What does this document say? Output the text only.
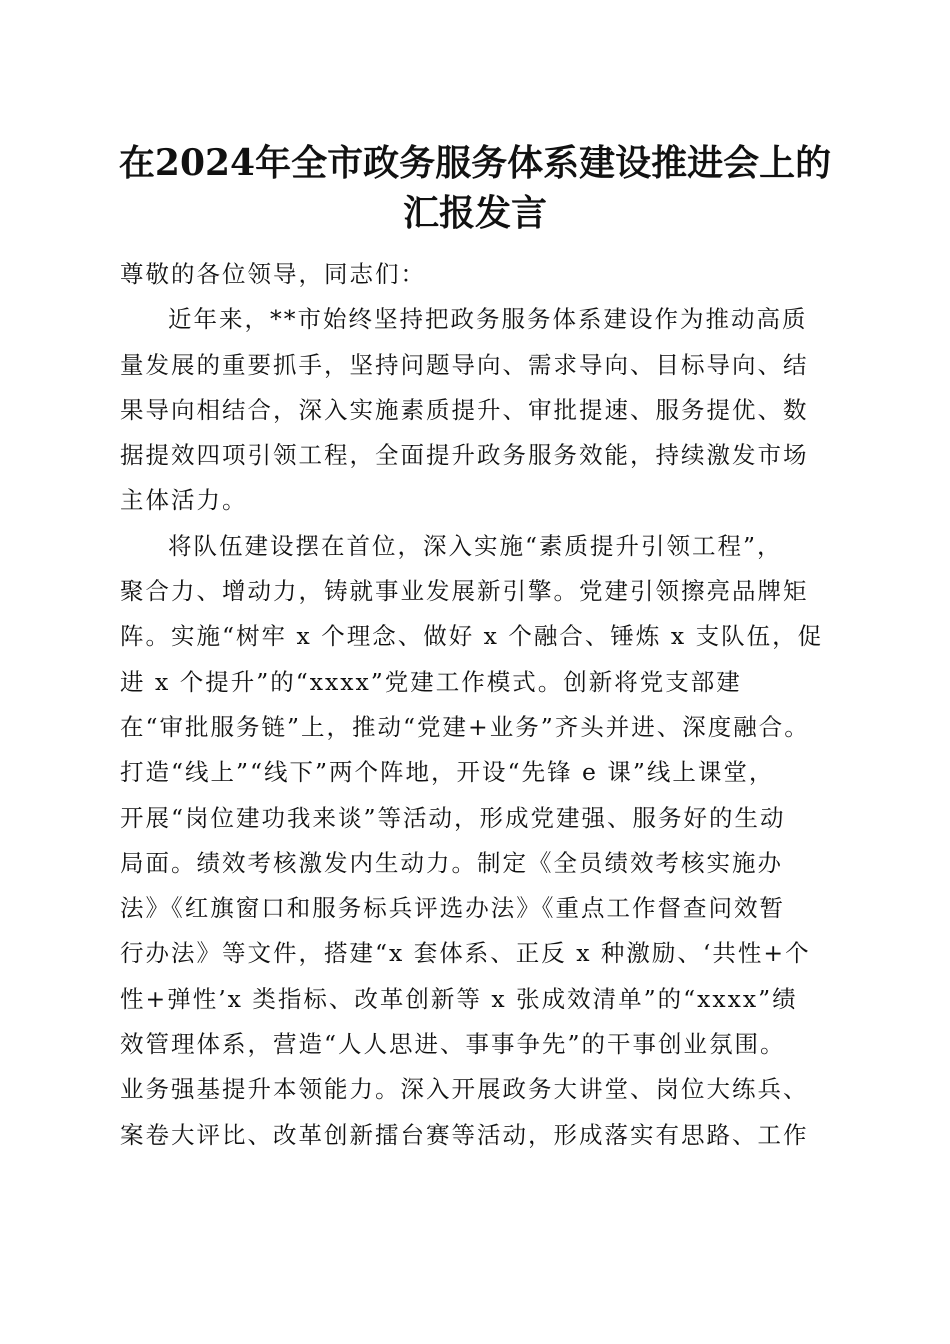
在2024年全市政务服务体系建设推进会上的
汇报发言
尊敬的各位领导，同志们：
近年来，**市始终坚持把政务服务体系建设作为推动高质
量发展的重要抓手，坚持问题导向、需求导向、目标导向、结
果导向相结合，深入实施素质提升、审批提速、服务提优、数
据提效四项引领工程，全面提升政务服务效能，持续激发市场
主体活力。
将队伍建设摆在首位，深入实施“素质提升引领工程”，
聚合力、增动力，铸就事业发展新引擎。党建引领擦亮品牌矩
阵。实施“树牢 x 个理念、做好 x 个融合、锤炼 x 支队伍，促
进 x 个提升”的“xxxx”党建工作模式。创新将党支部建
在“审批服务链”上，推动“党建+业务”齐头并进、深度融合。
打造“线上”“线下”两个阵地，开设“先锋 e 课”线上课堂，
开展“岗位建功我来谈”等活动，形成党建强、服务好的生动
局面。绩效考核激发内生动力。制定《全员绩效考核实施办
法》《红旗窗口和服务标兵评选办法》《重点工作督查问效暂
行办法》等文件，搭建“x 套体系、正反 x 种激励、‘共性+个
性+弹性’x 类指标、改革创新等 x 张成效清单”的“xxxx”绩
效管理体系，营造“人人思进、事事争先”的干事创业氛围。
业务强基提升本领能力。深入开展政务大讲堂、岗位大练兵、
案卷大评比、改革创新擂台赛等活动，形成落实有思路、工作
